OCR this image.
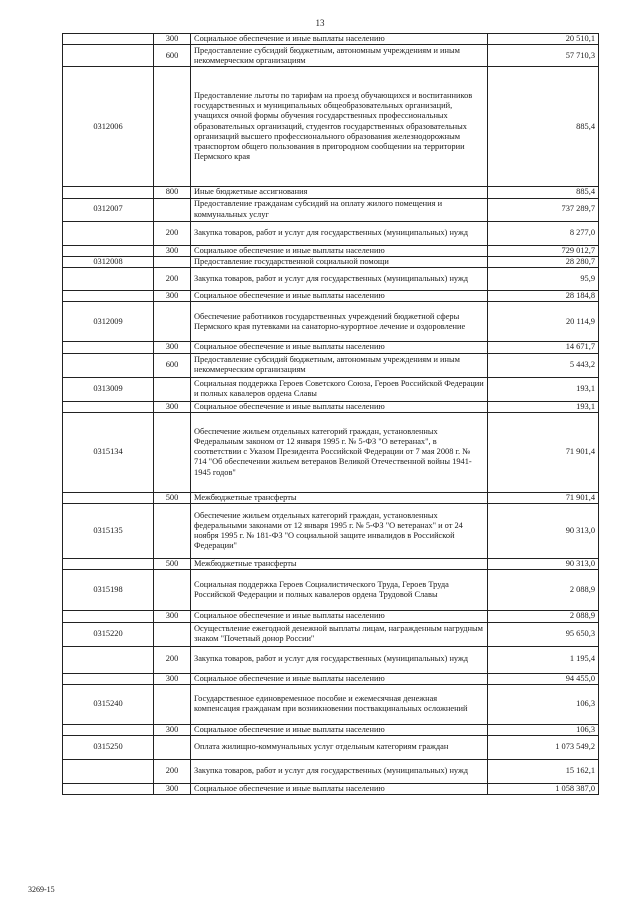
13
	300	Социальное обеспечение и иные выплаты населению	20 510,1
	600	Предоставление субсидий бюджетным, автономным учреждениям и иным некоммерческим организациям	57 710,3
0312006		Предоставление льготы по тарифам на проезд обучающихся и воспитанников государственных и муниципальных общеобразовательных организаций, учащихся очной формы обучения государственных профессиональных образовательных организаций, студентов государственных образовательных организаций высшего профессионального образования железнодорожным транспортом общего пользования в пригородном сообщении на территории Пермского края	885,4
	800	Иные бюджетные ассигнования	885,4
0312007		Предоставление гражданам субсидий на оплату жилого помещения и коммунальных услуг	737 289,7
	200	Закупка товаров, работ и услуг для государственных (муниципальных) нужд	8 277,0
	300	Социальное обеспечение и иные выплаты населению	729 012,7
0312008		Предоставление государственной социальной помощи	28 280,7
	200	Закупка товаров, работ и услуг для государственных (муниципальных) нужд	95,9
	300	Социальное обеспечение и иные выплаты населению	28 184,8
0312009		Обеспечение работников государственных учреждений бюджетной сферы Пермского края путевками на санаторно-курортное лечение и оздоровление	20 114,9
	300	Социальное обеспечение и иные выплаты населению	14 671,7
	600	Предоставление субсидий бюджетным, автономным учреждениям и иным некоммерческим организациям	5 443,2
0313009		Социальная поддержка Героев Советского Союза, Героев Российской Федерации и полных кавалеров ордена Славы	193,1
	300	Социальное обеспечение и иные выплаты населению	193,1
0315134		Обеспечение жильем отдельных категорий граждан, установленных Федеральным законом от 12 января 1995 г. № 5-ФЗ "О ветеранах", в соответствии с Указом Президента Российской Федерации от 7 мая 2008 г. № 714 "Об обеспечении жильем ветеранов Великой Отечественной войны 1941-1945 годов"	71 901,4
	500	Межбюджетные трансферты	71 901,4
0315135		Обеспечение жильем отдельных категорий граждан, установленных федеральными законами от 12 января 1995 г. № 5-ФЗ "О ветеранах" и от 24 ноября 1995 г. № 181-ФЗ "О социальной защите инвалидов в Российской Федерации"	90 313,0
	500	Межбюджетные трансферты	90 313,0
0315198		Социальная поддержка Героев Социалистического Труда, Героев Труда Российской Федерации и полных кавалеров ордена Трудовой Славы	2 088,9
	300	Социальное обеспечение и иные выплаты населению	2 088,9
0315220		Осуществление ежегодной денежной выплаты лицам, награжденным нагрудным знаком "Почетный донор России"	95 650,3
	200	Закупка товаров, работ и услуг для государственных (муниципальных) нужд	1 195,4
	300	Социальное обеспечение и иные выплаты населению	94 455,0
0315240		Государственное единовременное пособие и ежемесячная денежная компенсация гражданам при возникновении поствакцинальных осложнений	106,3
	300	Социальное обеспечение и иные выплаты населению	106,3
0315250		Оплата жилищно-коммунальных услуг отдельным категориям граждан	1 073 549,2
	200	Закупка товаров, работ и услуг для государственных (муниципальных) нужд	15 162,1
	300	Социальное обеспечение и иные выплаты населению	1 058 387,0
3269-15
